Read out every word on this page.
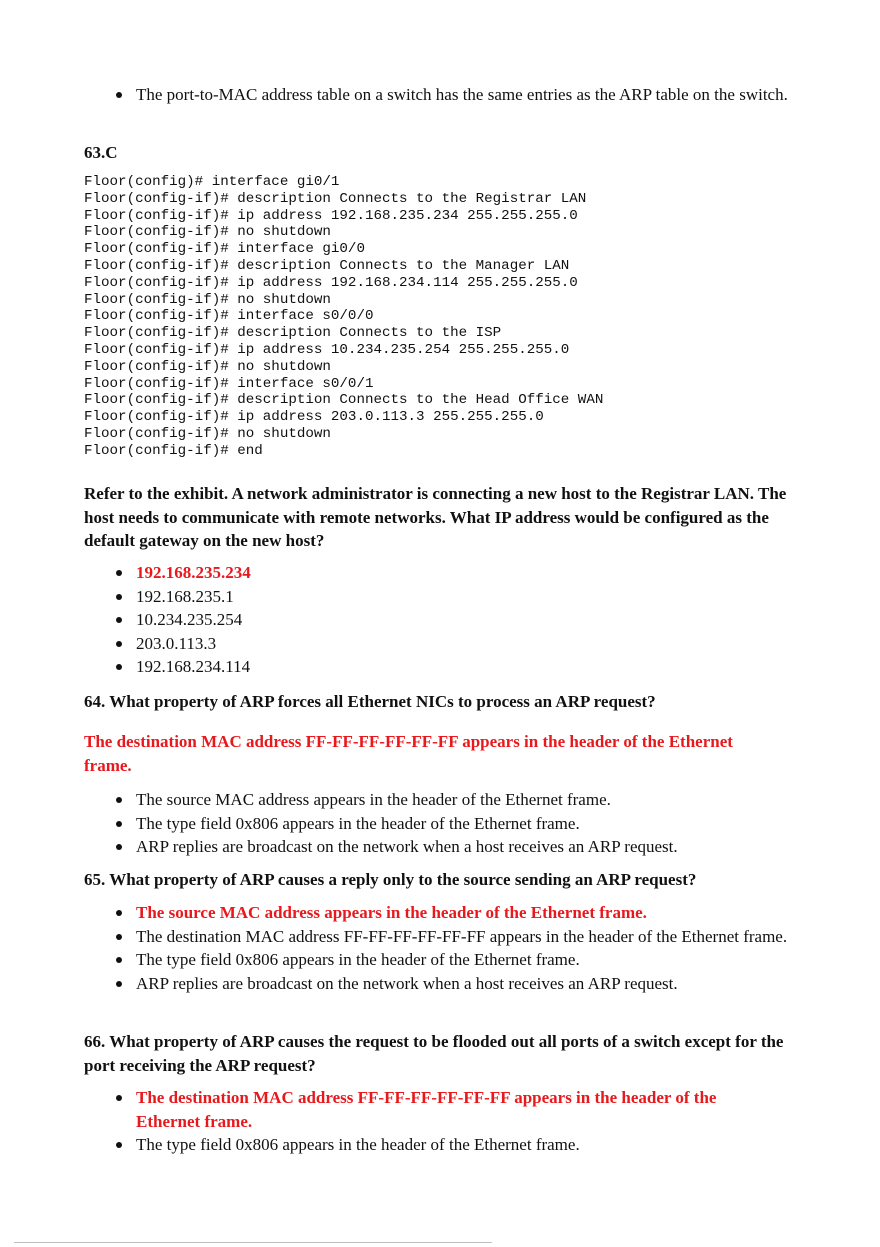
The port-to-MAC address table on a switch has the same entries as the ARP table on the switch.

63.C

Floor(config)# interface gi0/1
Floor(config-if)# description Connects to the Registrar LAN
Floor(config-if)# ip address 192.168.235.234 255.255.255.0
Floor(config-if)# no shutdown
Floor(config-if)# interface gi0/0
Floor(config-if)# description Connects to the Manager LAN
Floor(config-if)# ip address 192.168.234.114 255.255.255.0
Floor(config-if)# no shutdown
Floor(config-if)# interface s0/0/0
Floor(config-if)# description Connects to the ISP
Floor(config-if)# ip address 10.234.235.254 255.255.255.0
Floor(config-if)# no shutdown
Floor(config-if)# interface s0/0/1
Floor(config-if)# description Connects to the Head Office WAN
Floor(config-if)# ip address 203.0.113.3 255.255.255.0
Floor(config-if)# no shutdown
Floor(config-if)# end

Refer to the exhibit. A network administrator is connecting a new host to the Registrar LAN. The host needs to communicate with remote networks. What IP address would be configured as the default gateway on the new host?

192.168.235.234
192.168.235.1
10.234.235.254
203.0.113.3
192.168.234.114

64. What property of ARP forces all Ethernet NICs to process an ARP request?

The destination MAC address FF-FF-FF-FF-FF-FF appears in the header of the Ethernet frame.

The source MAC address appears in the header of the Ethernet frame.
The type field 0x806 appears in the header of the Ethernet frame.
ARP replies are broadcast on the network when a host receives an ARP request.

65. What property of ARP causes a reply only to the source sending an ARP request?

The source MAC address appears in the header of the Ethernet frame.
The destination MAC address FF-FF-FF-FF-FF-FF appears in the header of the Ethernet frame.
The type field 0x806 appears in the header of the Ethernet frame.
ARP replies are broadcast on the network when a host receives an ARP request.

66. What property of ARP causes the request to be flooded out all ports of a switch except for the port receiving the ARP request?

The destination MAC address FF-FF-FF-FF-FF-FF appears in the header of the Ethernet frame.
The type field 0x806 appears in the header of the Ethernet frame.
